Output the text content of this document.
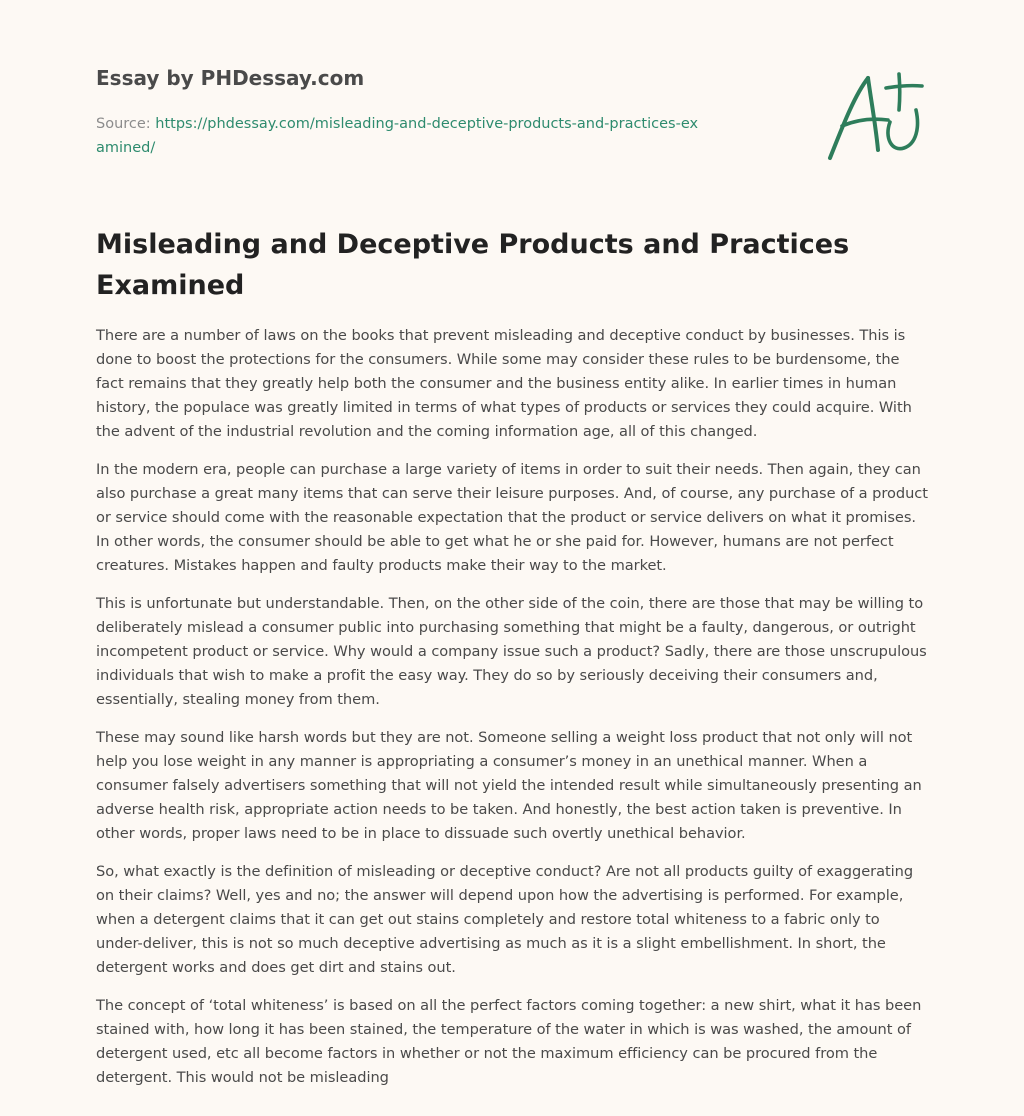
Essay by PHDessay.com
Source: https://phdessay.com/misleading-and-deceptive-products-and-practices-examined/
Misleading and Deceptive Products and Practices Examined

There are a number of laws on the books that prevent misleading and deceptive conduct by businesses. This is done to boost the protections for the consumers. While some may consider these rules to be burdensome, the fact remains that they greatly help both the consumer and the business entity alike. In earlier times in human history, the populace was greatly limited in terms of what types of products or services they could acquire. With the advent of the industrial revolution and the coming information age, all of this changed.

In the modern era, people can purchase a large variety of items in order to suit their needs. Then again, they can also purchase a great many items that can serve their leisure purposes. And, of course, any purchase of a product or service should come with the reasonable expectation that the product or service delivers on what it promises. In other words, the consumer should be able to get what he or she paid for. However, humans are not perfect creatures. Mistakes happen and faulty products make their way to the market.

This is unfortunate but understandable. Then, on the other side of the coin, there are those that may be willing to deliberately mislead a consumer public into purchasing something that might be a faulty, dangerous, or outright incompetent product or service. Why would a company issue such a product? Sadly, there are those unscrupulous individuals that wish to make a profit the easy way. They do so by seriously deceiving their consumers and, essentially, stealing money from them.

These may sound like harsh words but they are not. Someone selling a weight loss product that not only will not help you lose weight in any manner is appropriating a consumer’s money in an unethical manner. When a consumer falsely advertisers something that will not yield the intended result while simultaneously presenting an adverse health risk, appropriate action needs to be taken. And honestly, the best action taken is preventive. In other words, proper laws need to be in place to dissuade such overtly unethical behavior.

So, what exactly is the definition of misleading or deceptive conduct? Are not all products guilty of exaggerating on their claims? Well, yes and no; the answer will depend upon how the advertising is performed. For example, when a detergent claims that it can get out stains completely and restore total whiteness to a fabric only to under-deliver, this is not so much deceptive advertising as much as it is a slight embellishment. In short, the detergent works and does get dirt and stains out.

The concept of ‘total whiteness’ is based on all the perfect factors coming together: a new shirt, what it has been stained with, how long it has been stained, the temperature of the water in which is was washed, the amount of detergent used, etc all become factors in whether or not the maximum efficiency can be procured from the detergent. This would not be misleading
